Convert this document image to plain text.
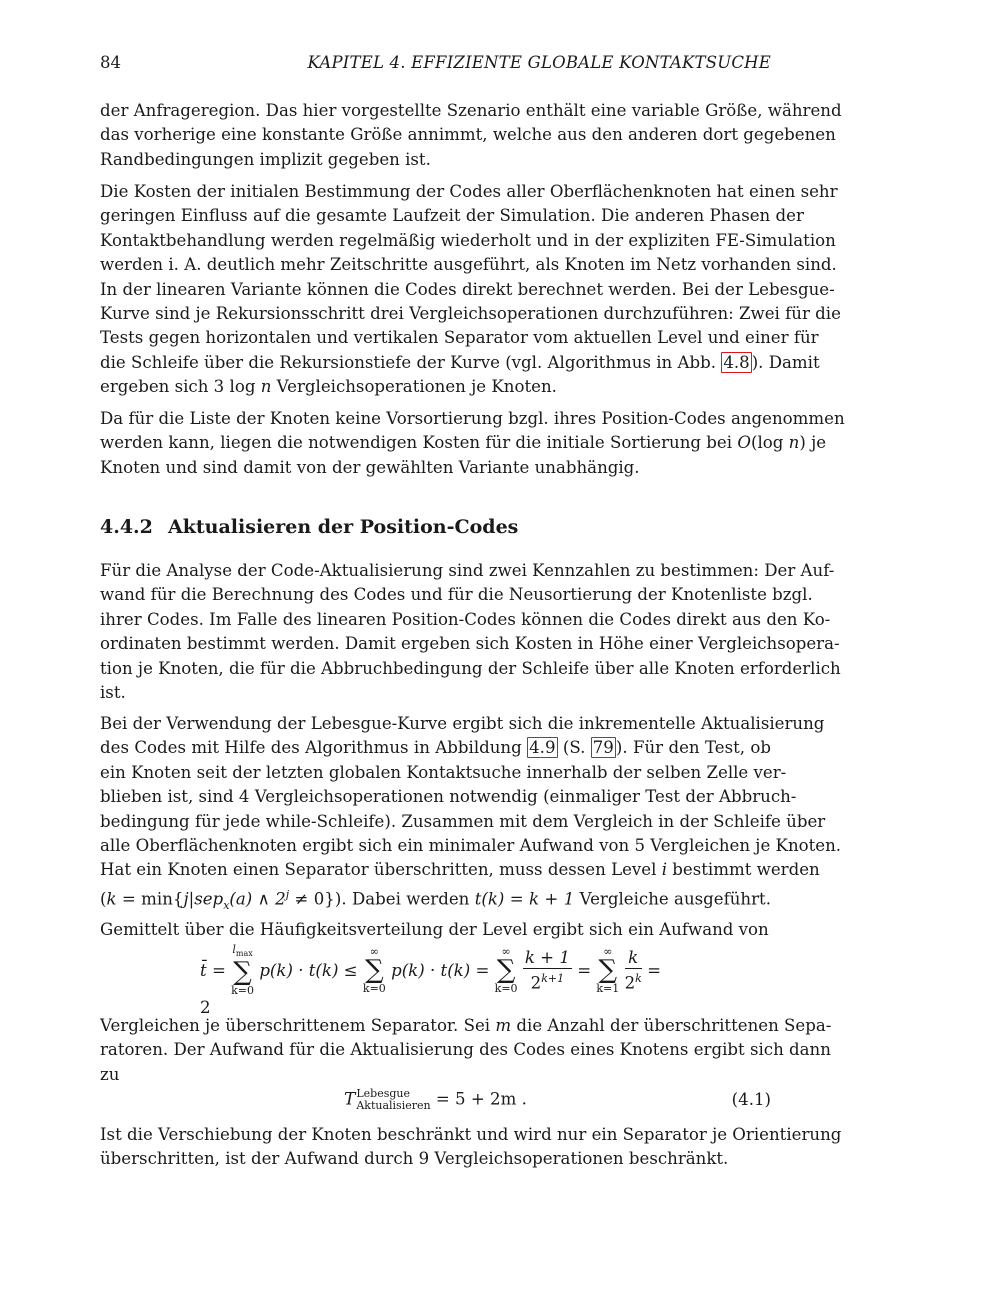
84	KAPITEL 4. EFFIZIENTE GLOBALE KONTAKTSUCHE
der Anfrageregion. Das hier vorgestellte Szenario enthält eine variable Größe, während
das vorherige eine konstante Größe annimmt, welche aus den anderen dort gegebenen
Randbedingungen implizit gegeben ist.
Die Kosten der initialen Bestimmung der Codes aller Oberflächenknoten hat einen sehr
geringen Einfluss auf die gesamte Laufzeit der Simulation. Die anderen Phasen der
Kontaktbehandlung werden regelmäßig wiederholt und in der expliziten FE-Simulation
werden i. A. deutlich mehr Zeitschritte ausgeführt, als Knoten im Netz vorhanden sind.
In der linearen Variante können die Codes direkt berechnet werden. Bei der Lebesgue-
Kurve sind je Rekursionsschritt drei Vergleichsoperationen durchzuführen: Zwei für die
Tests gegen horizontalen und vertikalen Separator vom aktuellen Level und einer für
die Schleife über die Rekursionstiefe der Kurve (vgl. Algorithmus in Abb. 4.8 ). Damit
ergeben sich 3 log n Vergleichsoperationen je Knoten.
Da für die Liste der Knoten keine Vorsortierung bzgl. ihres Position-Codes angenommen
werden kann, liegen die notwendigen Kosten für die initiale Sortierung bei O(log n) je
Knoten und sind damit von der gewählten Variante unabhängig.
4.4.2 Aktualisieren der Position-Codes
Für die Analyse der Code-Aktualisierung sind zwei Kennzahlen zu bestimmen: Der Auf-
wand für die Berechnung des Codes und für die Neusortierung der Knotenliste bzgl.
ihrer Codes. Im Falle des linearen Position-Codes können die Codes direkt aus den Ko-
ordinaten bestimmt werden. Damit ergeben sich Kosten in Höhe einer Vergleichsopera-
tion je Knoten, die für die Abbruchbedingung der Schleife über alle Knoten erforderlich
ist.
Bei der Verwendung der Lebesgue-Kurve ergibt sich die inkrementelle Aktualisierung
des Codes mit Hilfe des Algorithmus in Abbildung 4.9 (S. 79 ). Für den Test, ob
ein Knoten seit der letzten globalen Kontaktsuche innerhalb der selben Zelle ver-
blieben ist, sind 4 Vergleichsoperationen notwendig (einmaliger Test der Abbruch-
bedingung für jede while-Schleife). Zusammen mit dem Vergleich in der Schleife über
alle Oberflächenknoten ergibt sich ein minimaler Aufwand von 5 Vergleichen je Knoten.
Hat ein Knoten einen Separator überschritten, muss dessen Level i bestimmt werden
(k = min{j|sep$_x$(a) ∧ $2^j \ne 0$}). Dabei werden t(k) = k + 1 Vergleiche ausgeführt.
Gemittelt über die Häufigkeitsverteilung der Level ergibt sich ein Aufwand von
t̄ =
$l_{max}$
∑
k=0
p(k) · t(k) ≤
∞
∑
k=0
p(k) · t(k) =
∞
∑
k=0
$\frac{k + 1}{2^{k+1}}$ =
∞
∑
k=1
$\frac{k}{2^k} = 2$
Vergleichen je überschrittenem Separator. Sei m die Anzahl der überschrittenen Sepa-
ratoren. Der Aufwand für die Aktualisierung des Codes eines Knotens ergibt sich dann
zu
T Lebesgue
Aktualisieren = 5 + 2m .	(4.1)
Ist die Verschiebung der Knoten beschränkt und wird nur ein Separator je Orientierung
überschritten, ist der Aufwand durch 9 Vergleichsoperationen beschränkt.
